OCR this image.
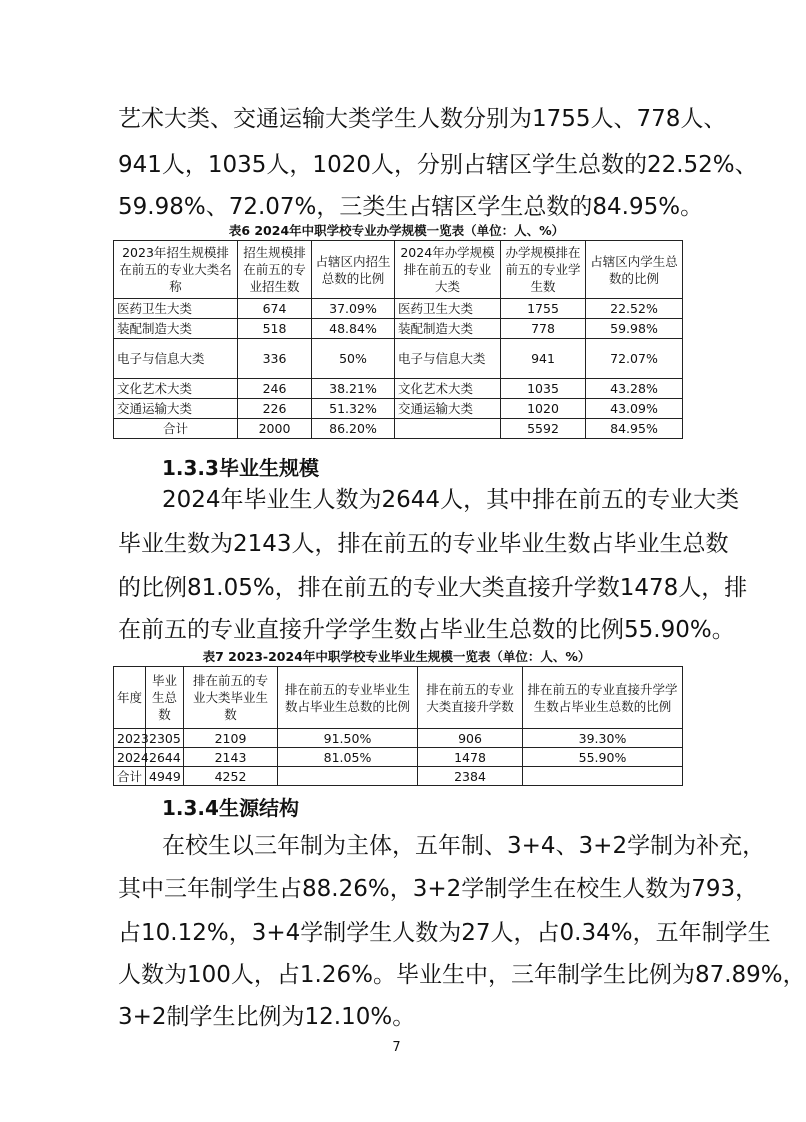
艺术大类、交通运输大类学生人数分别为1755人、778人、

941人，1035人，1020人，分别占辖区学生总数的22.52%、

59.98%、72.07%，三类生占辖区学生总数的84.95%。

表6 2024年中职学校专业办学规模一览表（单位：人、%）

2023年招生规模排在前五的专业大类名称	招生规模排在前五的专业招生数	占辖区内招生总数的比例	2024年办学规模排在前五的专业大类	办学规模排在前五的专业学生数	占辖区内学生总数的比例
医药卫生大类	674	37.09%	医药卫生大类	1755	22.52%
装配制造大类	518	48.84%	装配制造大类	778	59.98%
电子与信息大类	336	50%	电子与信息大类	941	72.07%
文化艺术大类	246	38.21%	文化艺术大类	1035	43.28%
交通运输大类	226	51.32%	交通运输大类	1020	43.09%
合计	2000	86.20%		5592	84.95%
1.3.3毕业生规模

2024年毕业生人数为2644人，其中排在前五的专业大类

毕业生数为2143人，排在前五的专业毕业生数占毕业生总数

的比例81.05%，排在前五的专业大类直接升学数1478人，排

在前五的专业直接升学学生数占毕业生总数的比例55.90%。

表7 2023-2024年中职学校专业毕业生规模一览表（单位：人、%）

年度	毕业生总数	排在前五的专业大类毕业生数	排在前五的专业毕业生数占毕业生总数的比例	排在前五的专业大类直接升学数	排在前五的专业直接升学学生数占毕业生总数的比例
2023	2305	2109	91.50%	906	39.30%
2024	2644	2143	81.05%	1478	55.90%
合计	4949	4252		2384	
1.3.4生源结构

在校生以三年制为主体，五年制、3+4、3+2学制为补充，

其中三年制学生占88.26%，3+2学制学生在校生人数为793，

占10.12%，3+4学制学生人数为27人，占0.34%，五年制学生

人数为100人，占1.26%。毕业生中，三年制学生比例为87.89%，

3+2制学生比例为12.10%。

7
